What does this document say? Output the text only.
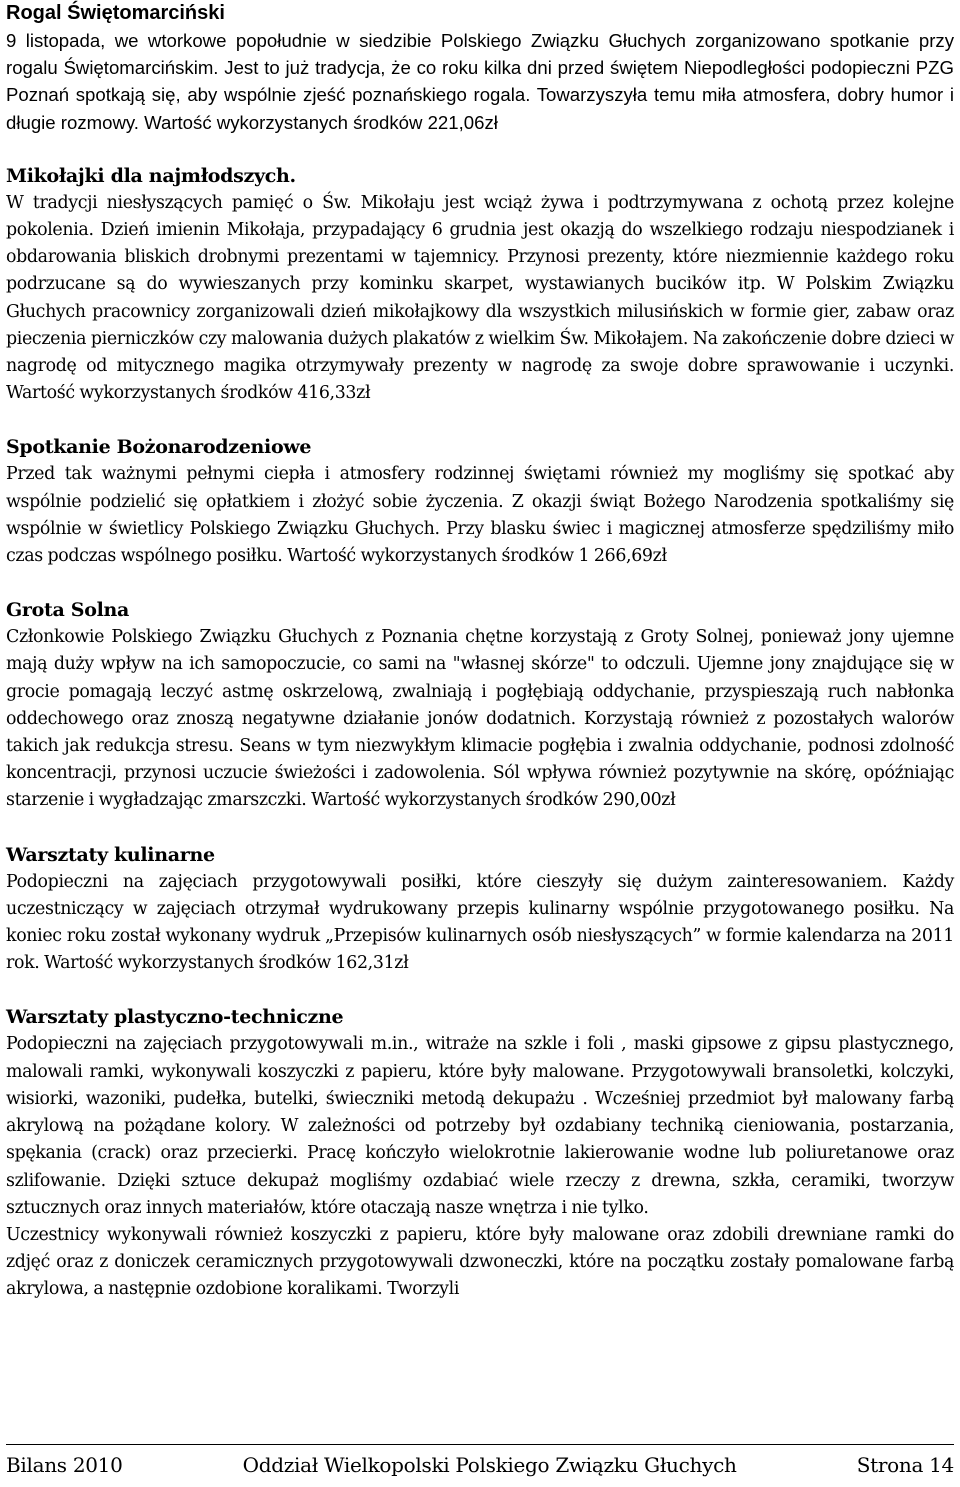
Rogal Świętomarciński

9 listopada, we wtorkowe popołudnie w siedzibie Polskiego Związku Głuchych zorganizowano spotkanie przy rogalu Świętomarcińskim. Jest to już tradycja, że co roku kilka dni przed świętem Niepodległości podopieczni PZG Poznań spotkają się, aby wspólnie zjeść poznańskiego rogala. Towarzyszyła temu miła atmosfera, dobry humor i długie rozmowy. Wartość wykorzystanych środków 221,06zł

Mikołajki dla najmłodszych.

W tradycji niesłyszących pamięć o Św. Mikołaju jest wciąż żywa i podtrzymywana z ochotą przez kolejne pokolenia. Dzień imienin Mikołaja, przypadający 6 grudnia jest okazją do wszelkiego rodzaju niespodzianek i obdarowania bliskich drobnymi prezentami w tajemnicy. Przynosi prezenty, które niezmiennie każdego roku podrzucane są do wywieszanych przy kominku skarpet, wystawianych bucików itp. W Polskim Związku Głuchych pracownicy zorganizowali dzień mikołajkowy dla wszystkich milusińskich w formie gier, zabaw oraz pieczenia pierniczków czy malowania dużych plakatów z wielkim Św. Mikołajem. Na zakończenie dobre dzieci w nagrodę od mitycznego magika otrzymywały prezenty w nagrodę za swoje dobre sprawowanie i uczynki. Wartość wykorzystanych środków 416,33zł

Spotkanie Bożonarodzeniowe

Przed tak ważnymi pełnymi ciepła i atmosfery rodzinnej świętami również my mogliśmy się spotkać aby wspólnie podzielić się opłatkiem i złożyć sobie życzenia. Z okazji świąt Bożego Narodzenia spotkaliśmy się wspólnie w świetlicy Polskiego Związku Głuchych. Przy blasku świec i magicznej atmosferze spędziliśmy miło czas podczas wspólnego posiłku. Wartość wykorzystanych środków 1 266,69zł

Grota Solna

Członkowie Polskiego Związku Głuchych z Poznania chętne korzystają z Groty Solnej, ponieważ jony ujemne mają duży wpływ na ich samopoczucie, co sami na "własnej skórze" to odczuli. Ujemne jony znajdujące się w grocie pomagają leczyć astmę oskrzelową, zwalniają i pogłębiają oddychanie, przyspieszają ruch nabłonka oddechowego oraz znoszą negatywne działanie jonów dodatnich. Korzystają również z pozostałych walorów takich jak redukcja stresu. Seans w tym niezwykłym klimacie pogłębia i zwalnia oddychanie, podnosi zdolność koncentracji, przynosi uczucie świeżości i zadowolenia. Sól wpływa również pozytywnie na skórę, opóźniając starzenie i wygładzając zmarszczki. Wartość wykorzystanych środków 290,00zł

Warsztaty kulinarne

Podopieczni na zajęciach przygotowywali posiłki, które cieszyły się dużym zainteresowaniem. Każdy uczestniczący w zajęciach otrzymał wydrukowany przepis kulinarny wspólnie przygotowanego posiłku. Na koniec roku został wykonany wydruk „Przepisów kulinarnych osób niesłyszących” w formie kalendarza na 2011 rok. Wartość wykorzystanych środków 162,31zł

Warsztaty plastyczno-techniczne

Podopieczni na zajęciach przygotowywali m.in., witraże na szkle i foli , maski gipsowe z gipsu plastycznego, malowali ramki, wykonywali koszyczki z papieru, które były malowane. Przygotowywali bransoletki, kolczyki, wisiorki, wazoniki, pudełka, butelki, świeczniki metodą dekupażu . Wcześniej przedmiot był malowany farbą akrylową na pożądane kolory. W zależności od potrzeby był ozdabiany techniką cieniowania, postarzania, spękania (crack) oraz przecierki. Pracę kończyło wielokrotnie lakierowanie wodne lub poliuretanowe oraz szlifowanie. Dzięki sztuce dekupaż mogliśmy ozdabiać wiele rzeczy z drewna, szkła, ceramiki, tworzyw sztucznych oraz innych materiałów, które otaczają nasze wnętrza i nie tylko.

Uczestnicy wykonywali również koszyczki z papieru, które były malowane oraz zdobili drewniane ramki do zdjęć oraz z doniczek ceramicznych przygotowywali dzwoneczki, które na początku zostały pomalowane farbą akrylowa, a następnie ozdobione koralikami. Tworzyli

Bilans 2010	Oddział Wielkopolski Polskiego Związku Głuchych	Strona 14
